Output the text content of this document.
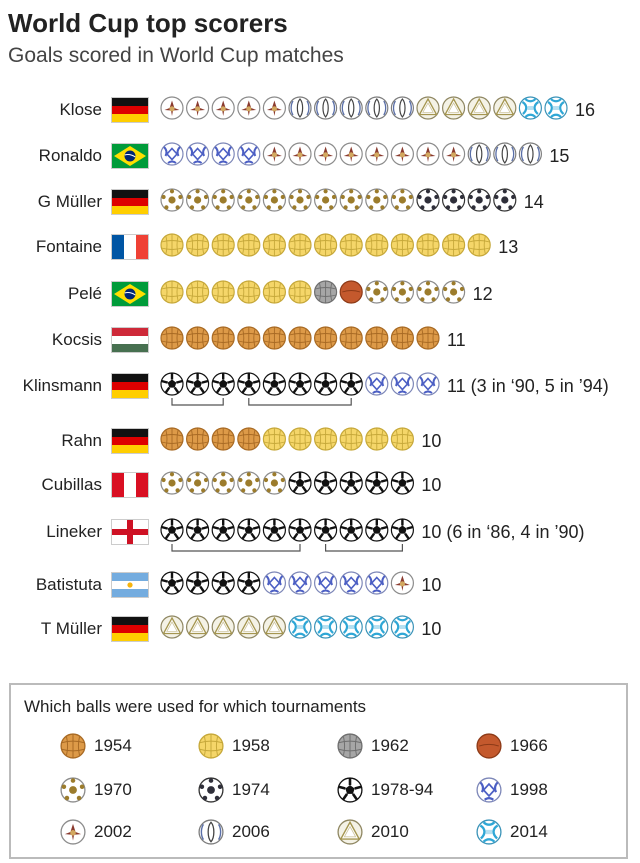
World Cup top scorers
Goals scored in World Cup matches
Klose	16
Ronaldo	15
G Müller	14
Fontaine	13
Pelé	12
Kocsis	11
Klinsmann	11 (3 in ‘90, 5 in ’94)
Rahn	10
Cubillas	10
Lineker	10 (6 in ‘86, 4 in ’90)
Batistuta	10
T Müller	10
Which balls were used for which tournaments
1954	1958	1962	1966
1970	1974	1978-94	1998
2002	2006	2010	2014
